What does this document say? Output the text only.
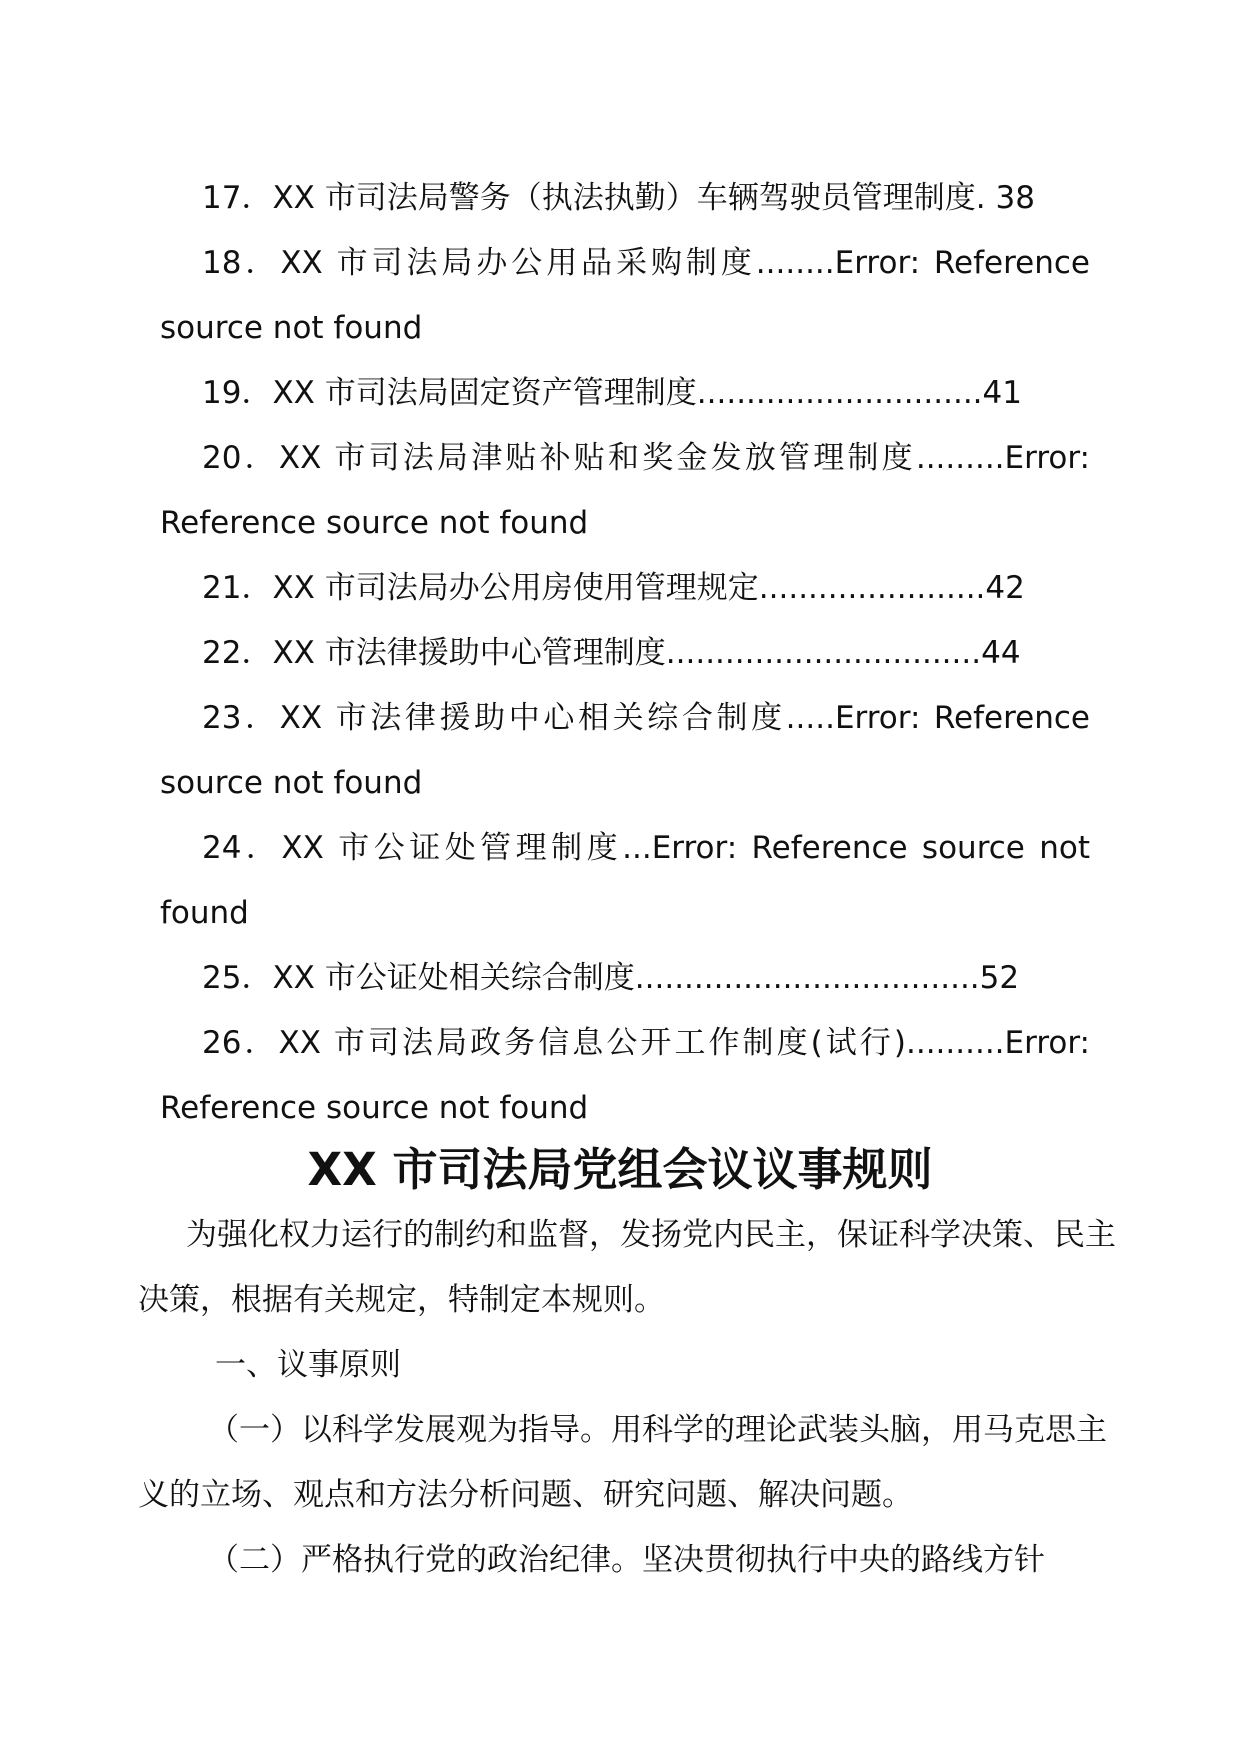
17．XX 市司法局警务（执法执勤）车辆驾驶员管理制度. 38

18．XX 市司法局办公用品采购制度........Error: Reference source not found

19．XX 市司法局固定资产管理制度.............................41

20．XX 市司法局津贴补贴和奖金发放管理制度.........Error: Reference source not found

21．XX 市司法局办公用房使用管理规定.......................42

22．XX 市法律援助中心管理制度................................44

23．XX 市法律援助中心相关综合制度.....Error: Reference source not found

24．XX 市公证处管理制度...Error: Reference source not found

25．XX 市公证处相关综合制度...................................52

26．XX 市司法局政务信息公开工作制度(试行)..........Error: Reference source not found

XX 市司法局党组会议议事规则

为强化权力运行的制约和监督，发扬党内民主，保证科学决策、民主决策，根据有关规定，特制定本规则。

一、议事原则

（一）以科学发展观为指导。用科学的理论武装头脑，用马克思主义的立场、观点和方法分析问题、研究问题、解决问题。

（二）严格执行党的政治纪律。坚决贯彻执行中央的路线方针
